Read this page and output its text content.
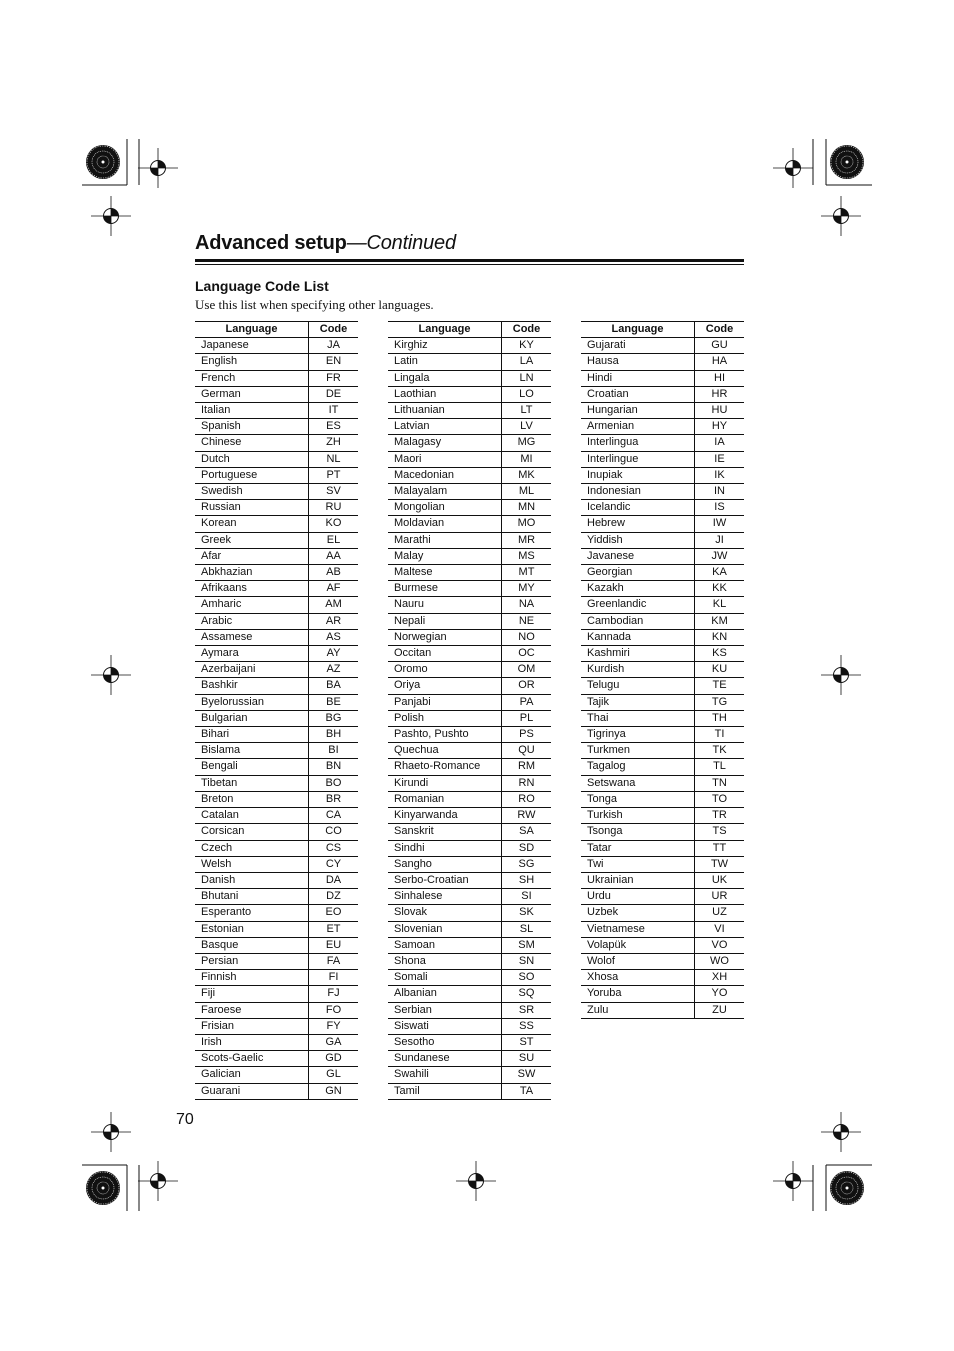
Advanced setup—Continued
Language Code List
Use this list when specifying other languages.
Language	Code
Japanese	JA
English	EN
French	FR
German	DE
Italian	IT
Spanish	ES
Chinese	ZH
Dutch	NL
Portuguese	PT
Swedish	SV
Russian	RU
Korean	KO
Greek	EL
Afar	AA
Abkhazian	AB
Afrikaans	AF
Amharic	AM
Arabic	AR
Assamese	AS
Aymara	AY
Azerbaijani	AZ
Bashkir	BA
Byelorussian	BE
Bulgarian	BG
Bihari	BH
Bislama	BI
Bengali	BN
Tibetan	BO
Breton	BR
Catalan	CA
Corsican	CO
Czech	CS
Welsh	CY
Danish	DA
Bhutani	DZ
Esperanto	EO
Estonian	ET
Basque	EU
Persian	FA
Finnish	FI
Fiji	FJ
Faroese	FO
Frisian	FY
Irish	GA
Scots-Gaelic	GD
Galician	GL
Guarani	GN
Language	Code
Kirghiz	KY
Latin	LA
Lingala	LN
Laothian	LO
Lithuanian	LT
Latvian	LV
Malagasy	MG
Maori	MI
Macedonian	MK
Malayalam	ML
Mongolian	MN
Moldavian	MO
Marathi	MR
Malay	MS
Maltese	MT
Burmese	MY
Nauru	NA
Nepali	NE
Norwegian	NO
Occitan	OC
Oromo	OM
Oriya	OR
Panjabi	PA
Polish	PL
Pashto, Pushto	PS
Quechua	QU
Rhaeto-Romance	RM
Kirundi	RN
Romanian	RO
Kinyarwanda	RW
Sanskrit	SA
Sindhi	SD
Sangho	SG
Serbo-Croatian	SH
Sinhalese	SI
Slovak	SK
Slovenian	SL
Samoan	SM
Shona	SN
Somali	SO
Albanian	SQ
Serbian	SR
Siswati	SS
Sesotho	ST
Sundanese	SU
Swahili	SW
Tamil	TA
Language	Code
Gujarati	GU
Hausa	HA
Hindi	HI
Croatian	HR
Hungarian	HU
Armenian	HY
Interlingua	IA
Interlingue	IE
Inupiak	IK
Indonesian	IN
Icelandic	IS
Hebrew	IW
Yiddish	JI
Javanese	JW
Georgian	KA
Kazakh	KK
Greenlandic	KL
Cambodian	KM
Kannada	KN
Kashmiri	KS
Kurdish	KU
Telugu	TE
Tajik	TG
Thai	TH
Tigrinya	TI
Turkmen	TK
Tagalog	TL
Setswana	TN
Tonga	TO
Turkish	TR
Tsonga	TS
Tatar	TT
Twi	TW
Ukrainian	UK
Urdu	UR
Uzbek	UZ
Vietnamese	VI
Volapük	VO
Wolof	WO
Xhosa	XH
Yoruba	YO
Zulu	ZU
70
